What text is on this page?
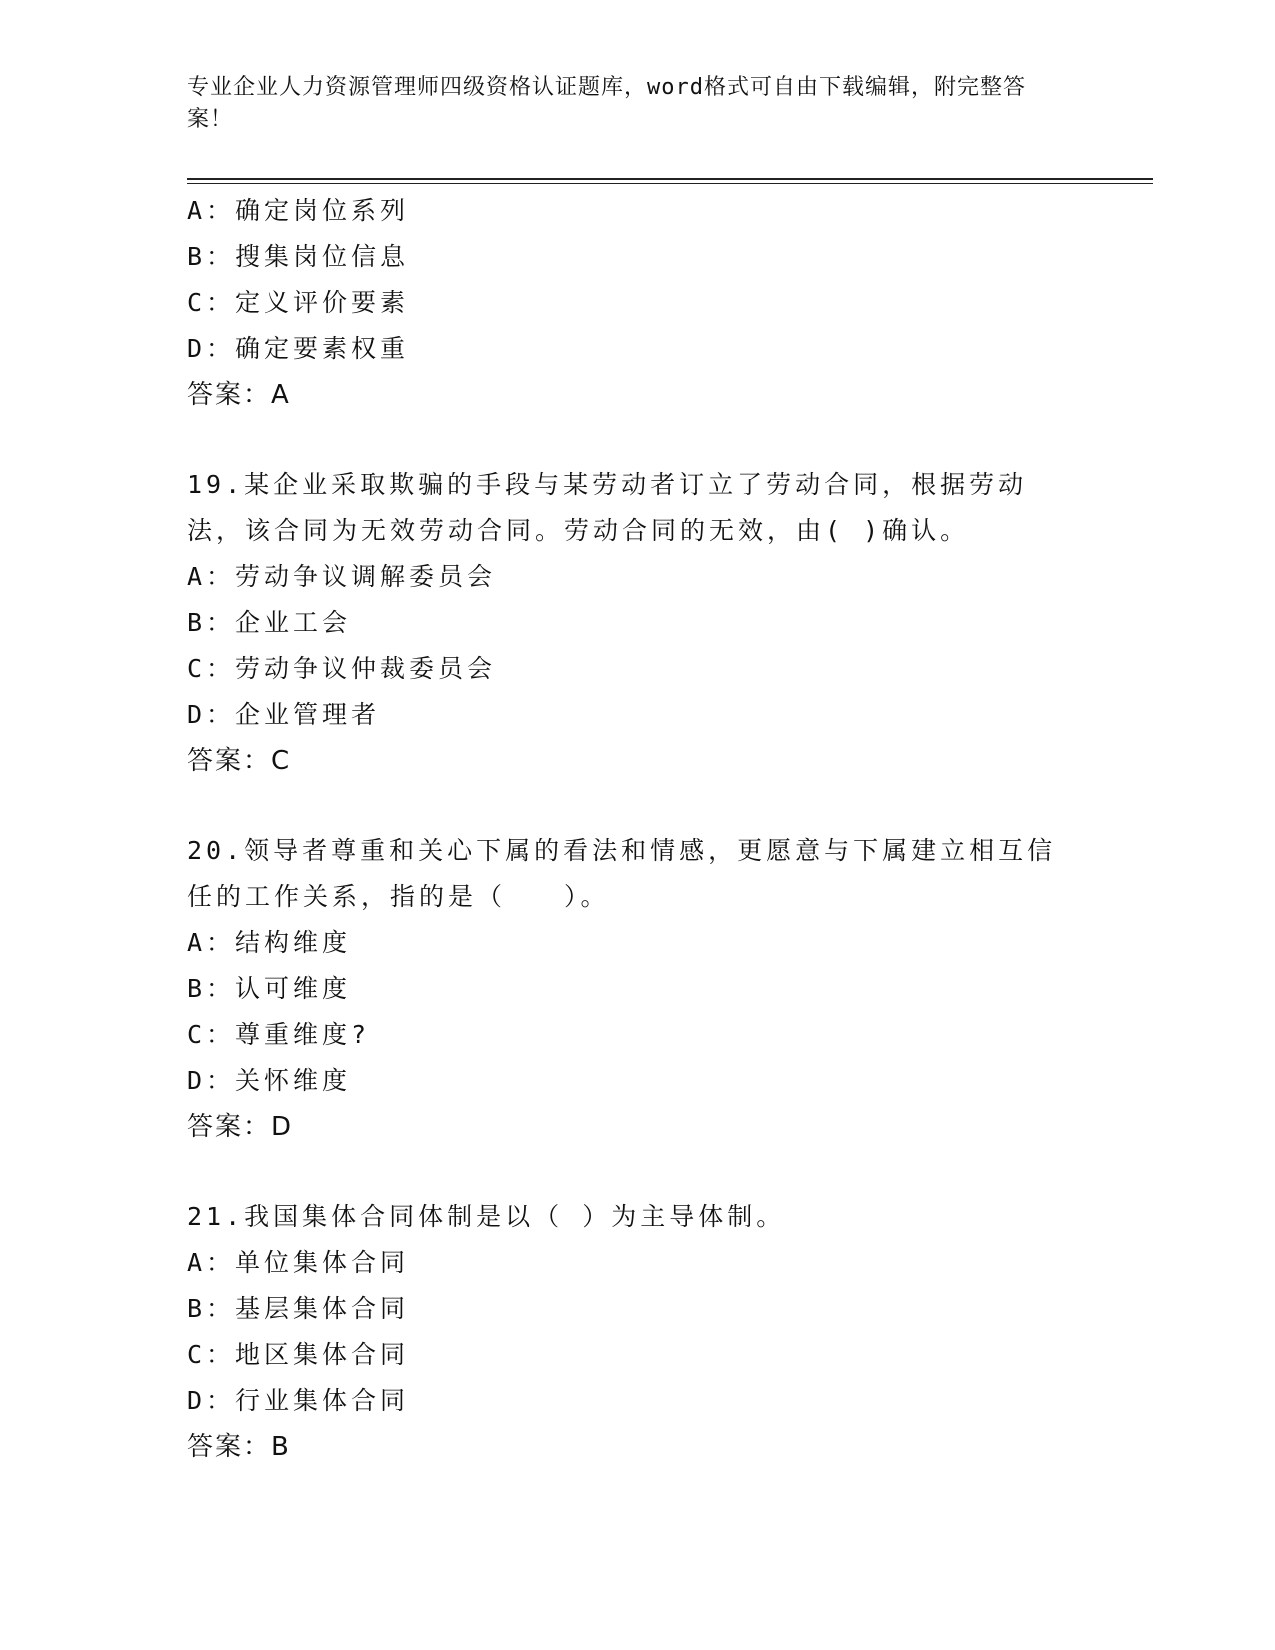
专业企业人力资源管理师四级资格认证题库，word格式可自由下载编辑，附完整答案！
A：确定岗位系列
B：搜集岗位信息
C：定义评价要素
D：确定要素权重
答案：A
19.某企业采取欺骗的手段与某劳动者订立了劳动合同，根据劳动法，该合同为无效劳动合同。劳动合同的无效，由( )确认。
A：劳动争议调解委员会
B：企业工会
C：劳动争议仲裁委员会
D：企业管理者
答案：C
20.领导者尊重和关心下属的看法和情感，更愿意与下属建立相互信任的工作关系，指的是（　　）。
A：结构维度
B：认可维度
C：尊重维度?
D：关怀维度
答案：D
21.我国集体合同体制是以（ ）为主导体制。
A：单位集体合同
B：基层集体合同
C：地区集体合同
D：行业集体合同
答案：B
